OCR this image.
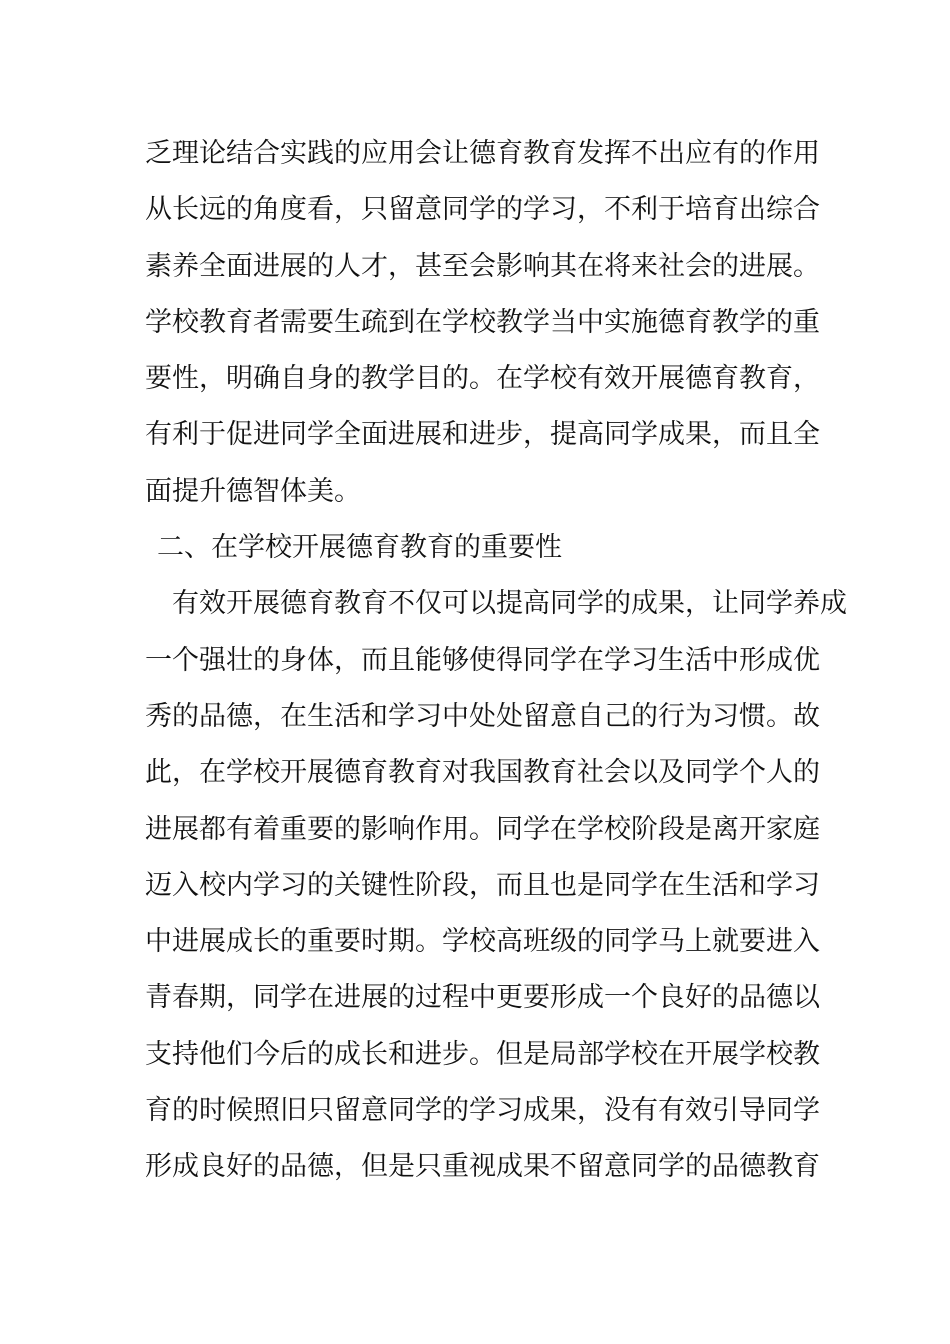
乏理论结合实践的应用会让德育教育发挥不出应有的作用
从长远的角度看，只留意同学的学习，不利于培育出综合
素养全面进展的人才，甚至会影响其在将来社会的进展。
学校教育者需要生疏到在学校教学当中实施德育教学的重
要性，明确自身的教学目的。在学校有效开展德育教育，
有利于促进同学全面进展和进步，提高同学成果，而且全
面提升德智体美。
二、在学校开展德育教育的重要性
有效开展德育教育不仅可以提高同学的成果，让同学养成
一个强壮的身体，而且能够使得同学在学习生活中形成优
秀的品德，在生活和学习中处处留意自己的行为习惯。故
此，在学校开展德育教育对我国教育社会以及同学个人的
进展都有着重要的影响作用。同学在学校阶段是离开家庭
迈入校内学习的关键性阶段，而且也是同学在生活和学习
中进展成长的重要时期。学校高班级的同学马上就要进入
青春期，同学在进展的过程中更要形成一个良好的品德以
支持他们今后的成长和进步。但是局部学校在开展学校教
育的时候照旧只留意同学的学习成果，没有有效引导同学
形成良好的品德，但是只重视成果不留意同学的品德教育
